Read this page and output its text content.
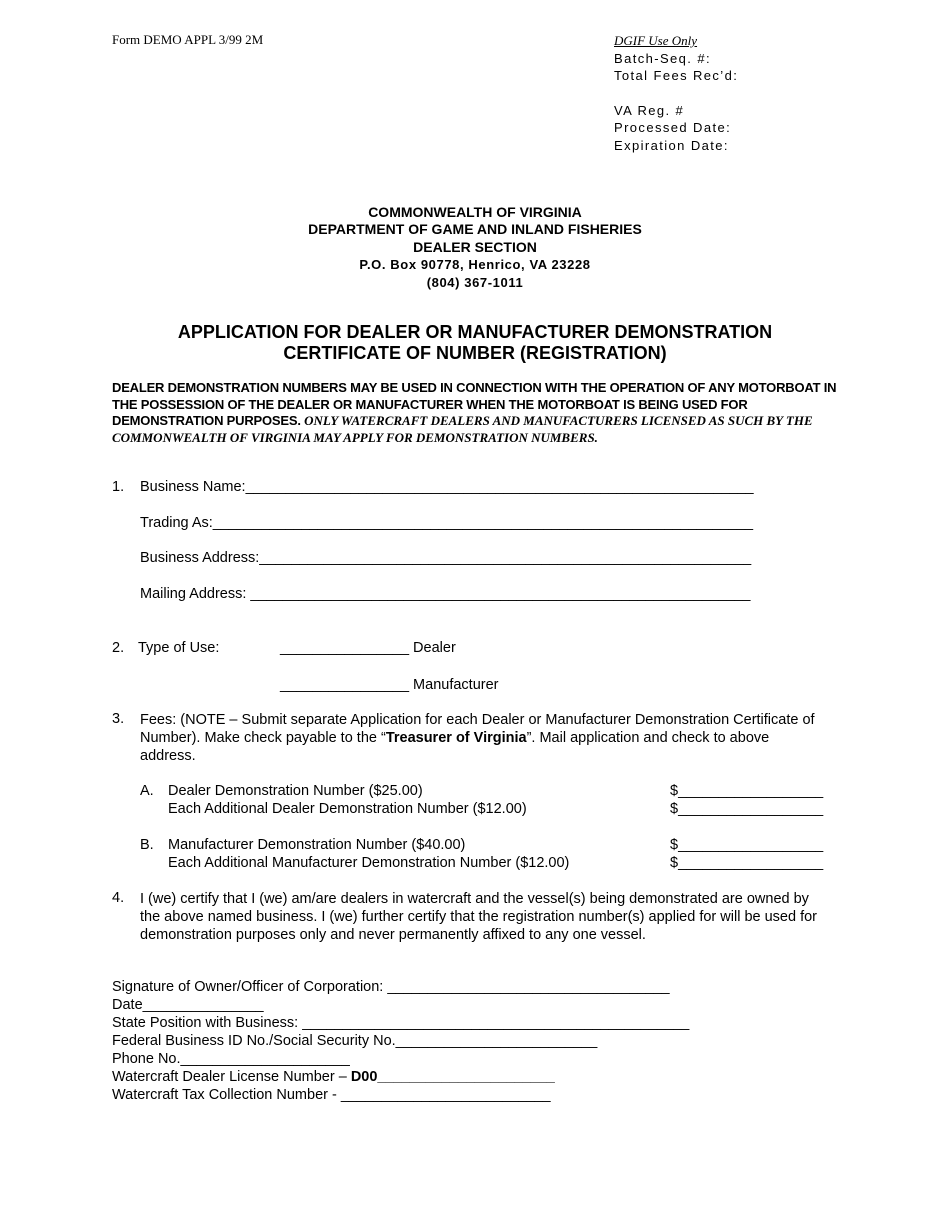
Form DEMO APPL 3/99 2M	DGIF Use Only
Batch-Seq. #:
Total Fees Rec’d:
VA Reg. #
Processed Date:
Expiration Date:
COMMONWEALTH OF VIRGINIA
DEPARTMENT OF GAME AND INLAND FISHERIES
DEALER SECTION
P.O. Box 90778, Henrico, VA 23228
(804) 367-1011
APPLICATION FOR DEALER OR MANUFACTURER DEMONSTRATION
CERTIFICATE OF NUMBER (REGISTRATION)
DEALER DEMONSTRATION NUMBERS MAY BE USED IN CONNECTION WITH THE OPERATION OF ANY MOTORBOAT IN THE POSSESSION OF THE DEALER OR MANUFACTURER WHEN THE MOTORBOAT IS BEING USED FOR DEMONSTRATION PURPOSES. ONLY WATERCRAFT DEALERS AND MANUFACTURERS LICENSED AS SUCH BY THE COMMONWEALTH OF VIRGINIA MAY APPLY FOR DEMONSTRATION NUMBERS.
1. Business Name:_______________________________________________________________
Trading As:___________________________________________________________________
Business Address:_____________________________________________________________
Mailing Address: ______________________________________________________________
2. Type of Use:	________________ Dealer
________________ Manufacturer
3. Fees: (NOTE – Submit separate Application for each Dealer or Manufacturer Demonstration Certificate of Number). Make check payable to the “Treasurer of Virginia”. Mail application and check to above address.
A. Dealer Demonstration Number ($25.00)
Each Additional Dealer Demonstration Number ($12.00)
$__________________
$__________________
B. Manufacturer Demonstration Number ($40.00)
Each Additional Manufacturer Demonstration Number ($12.00)
$__________________
$__________________
4. I (we) certify that I (we) am/are dealers in watercraft and the vessel(s) being demonstrated are owned by the above named business. I (we) further certify that the registration number(s) applied for will be used for demonstration purposes only and never permanently affixed to any one vessel.
Signature of Owner/Officer of Corporation: ___________________________________
Date_______________
State Position with Business: ________________________________________________
Federal Business ID No./Social Security No._________________________
Phone No._____________________
Watercraft Dealer License Number – D00______________________
Watercraft Tax Collection Number - __________________________
